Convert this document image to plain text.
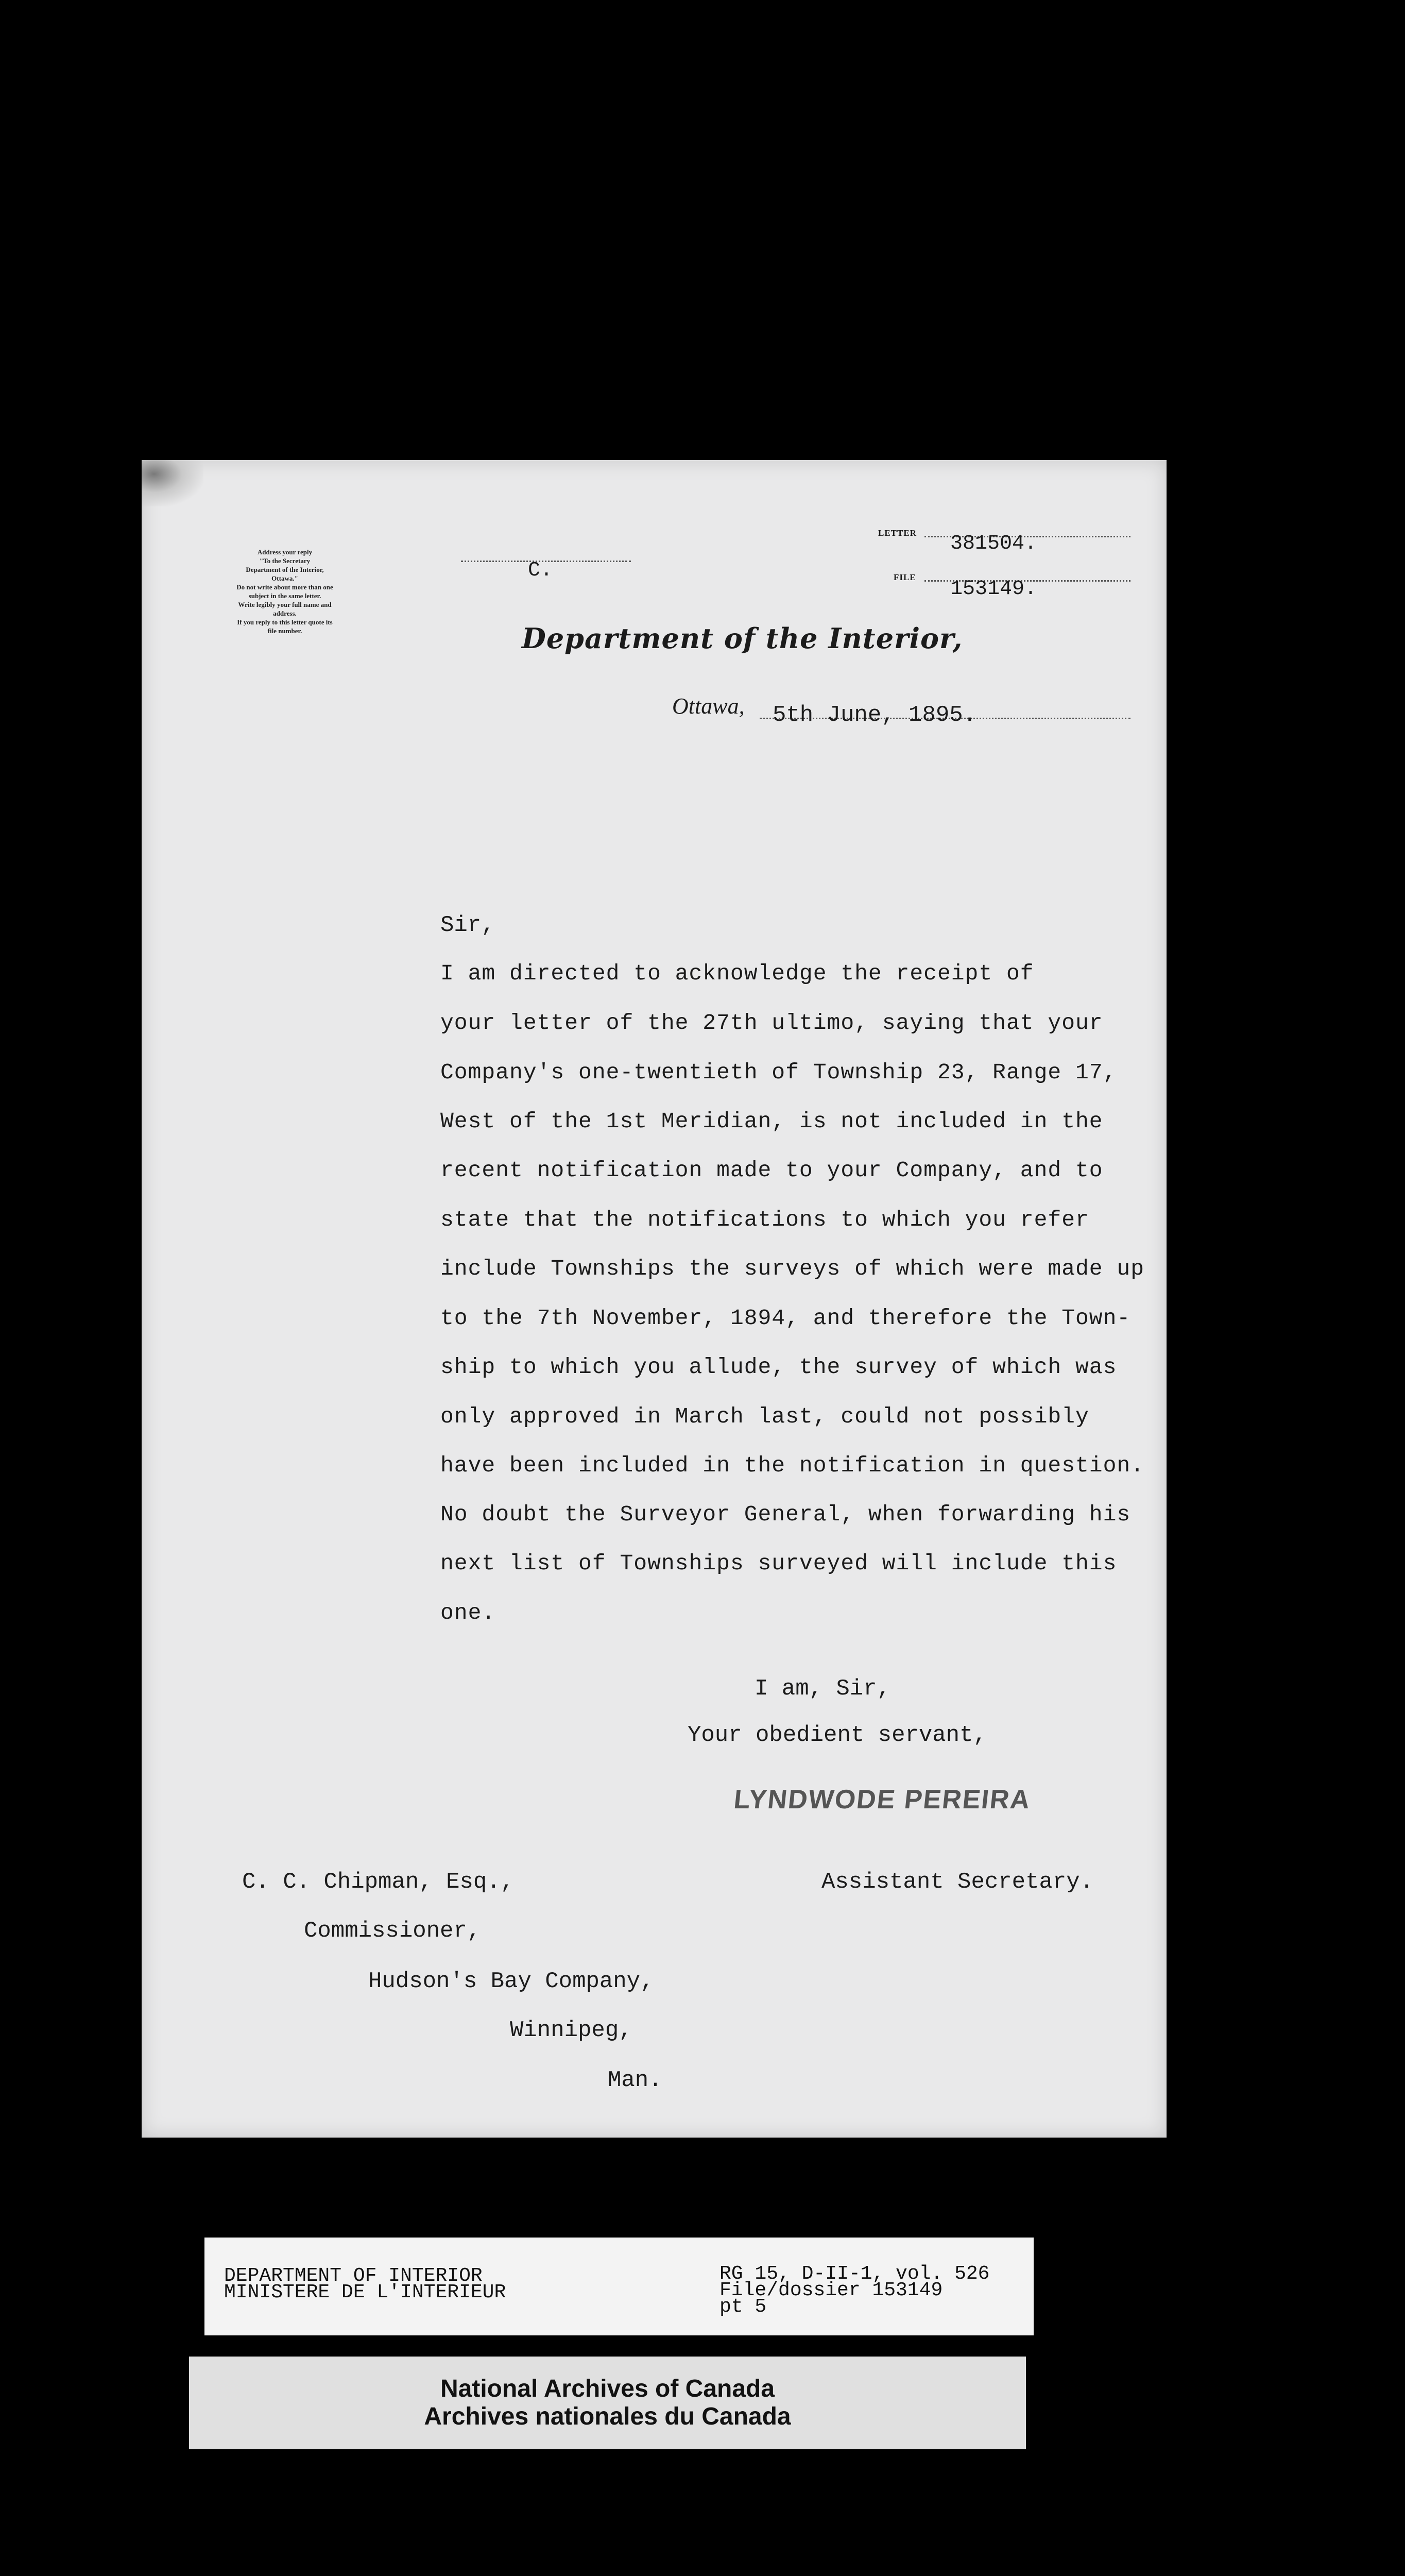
Address your reply
"To the Secretary
Department of the Interior,
Ottawa."
Do not write about more than one
subject in the same letter.
Write legibly your full name and
address.
If you reply to this letter quote its
file number.
C.
LETTER 381504.
FILE
153149.
Department of the Interior,
Ottawa, 5th June, 1895.
Sir,
I am directed to acknowledge the receipt of
your letter of the 27th ultimo, saying that your
Company's one-twentieth of Township 23, Range 17,
West of the 1st Meridian, is not included in the
recent notification made to your Company, and to
state that the notifications to which you refer
include Townships the surveys of which were made up
to the 7th November, 1894, and therefore the Town-
ship to which you allude, the survey of which was
only approved in March last, could not possibly
have been included in the notification in question.
No doubt the Surveyor General, when forwarding his
next list of Townships surveyed will include this
one.
I am, Sir,
Your obedient servant,
LYNDWODE PEREIRA
C. C. Chipman, Esq.,	Assistant Secretary.
Commissioner,
Hudson's Bay Company,
Winnipeg,
Man.
DEPARTMENT OF INTERIOR
MINISTERE DE L'INTERIEUR
RG 15, D-II-1, vol. 526
File/dossier 153149
pt 5
National Archives of Canada
Archives nationales du Canada
